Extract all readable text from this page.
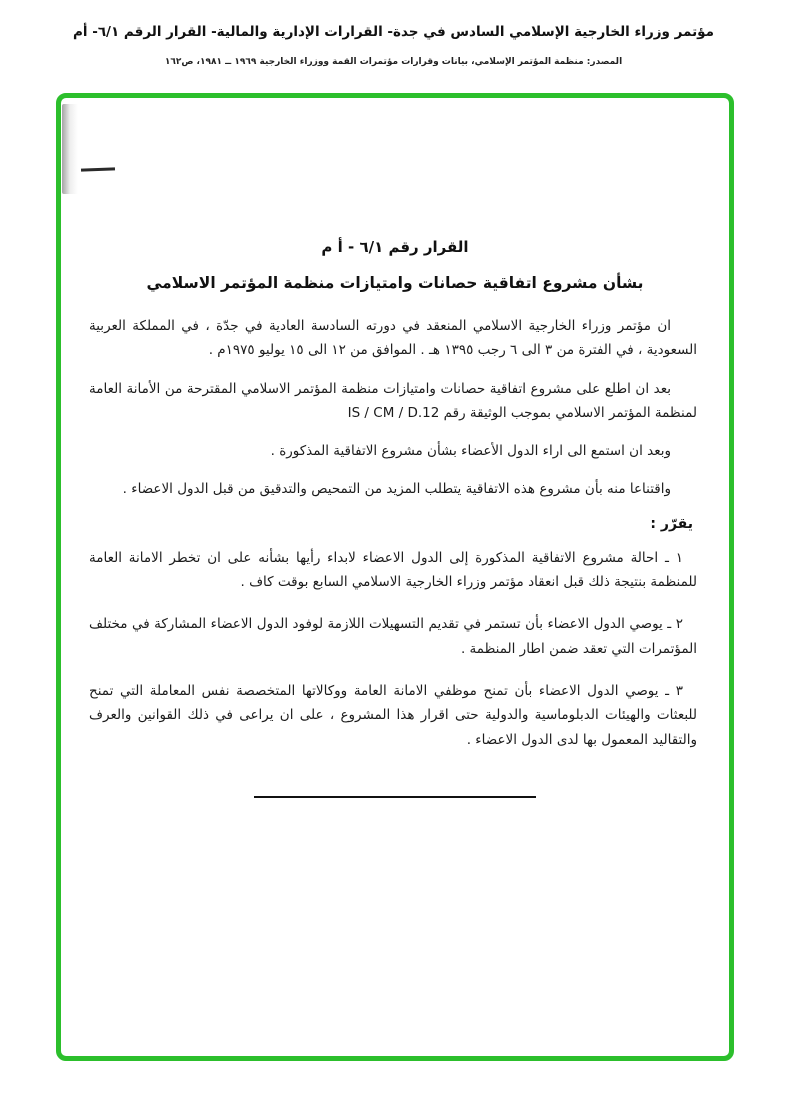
مؤتمر وزراء الخارجية الإسلامي السادس في جدة- القرارات الإدارية والمالية- القرار الرقم ٦/١- أم
المصدر: منظمة المؤتمر الإسلامي، بيانات وقرارات مؤتمرات القمة ووزراء الخارجية ١٩٦٩ ــ ١٩٨١، ص١٦٢
القرار رقم ٦/١ - أ م
بشأن مشروع اتفاقية حصانات وامتيازات منظمة المؤتمر الاسلامي

ان مؤتمر وزراء الخارجية الاسلامي المنعقد في دورته السادسة العادية في جدّة ، في المملكة العربية السعودية ، في الفترة من ٣ الى ٦ رجب ١٣٩٥ هـ . الموافق من ١٢ الى ١٥ يوليو ١٩٧٥م .

بعد ان اطلع على مشروع اتفاقية حصانات وامتيازات منظمة المؤتمر الاسلامي المقترحة من الأمانة العامة لمنظمة المؤتمر الاسلامي بموجب الوثيقة رقم IS / CM / D.12

وبعد ان استمع الى اراء الدول الأعضاء بشأن مشروع الاتفاقية المذكورة .

واقتناعا منه بأن مشروع هذه الاتفاقية يتطلب المزيد من التمحيص والتدقيق من قبل الدول الاعضاء .

يقرّر :

١ ـ احالة مشروع الاتفاقية المذكورة إلى الدول الاعضاء لابداء رأيها بشأنه على ان تخطر الامانة العامة للمنظمة بنتيجة ذلك قبل انعقاد مؤتمر وزراء الخارجية الاسلامي السابع بوقت كاف .

٢ ـ يوصي الدول الاعضاء بأن تستمر في تقديم التسهيلات اللازمة لوفود الدول الاعضاء المشاركة في مختلف المؤتمرات التي تعقد ضمن اطار المنظمة .

٣ ـ يوصي الدول الاعضاء بأن تمنح موظفي الامانة العامة ووكالاتها المتخصصة نفس المعاملة التي تمنح للبعثات والهيئات الدبلوماسية والدولية حتى اقرار هذا المشروع ، على ان يراعى في ذلك القوانين والعرف والتقاليد المعمول بها لدى الدول الاعضاء .
